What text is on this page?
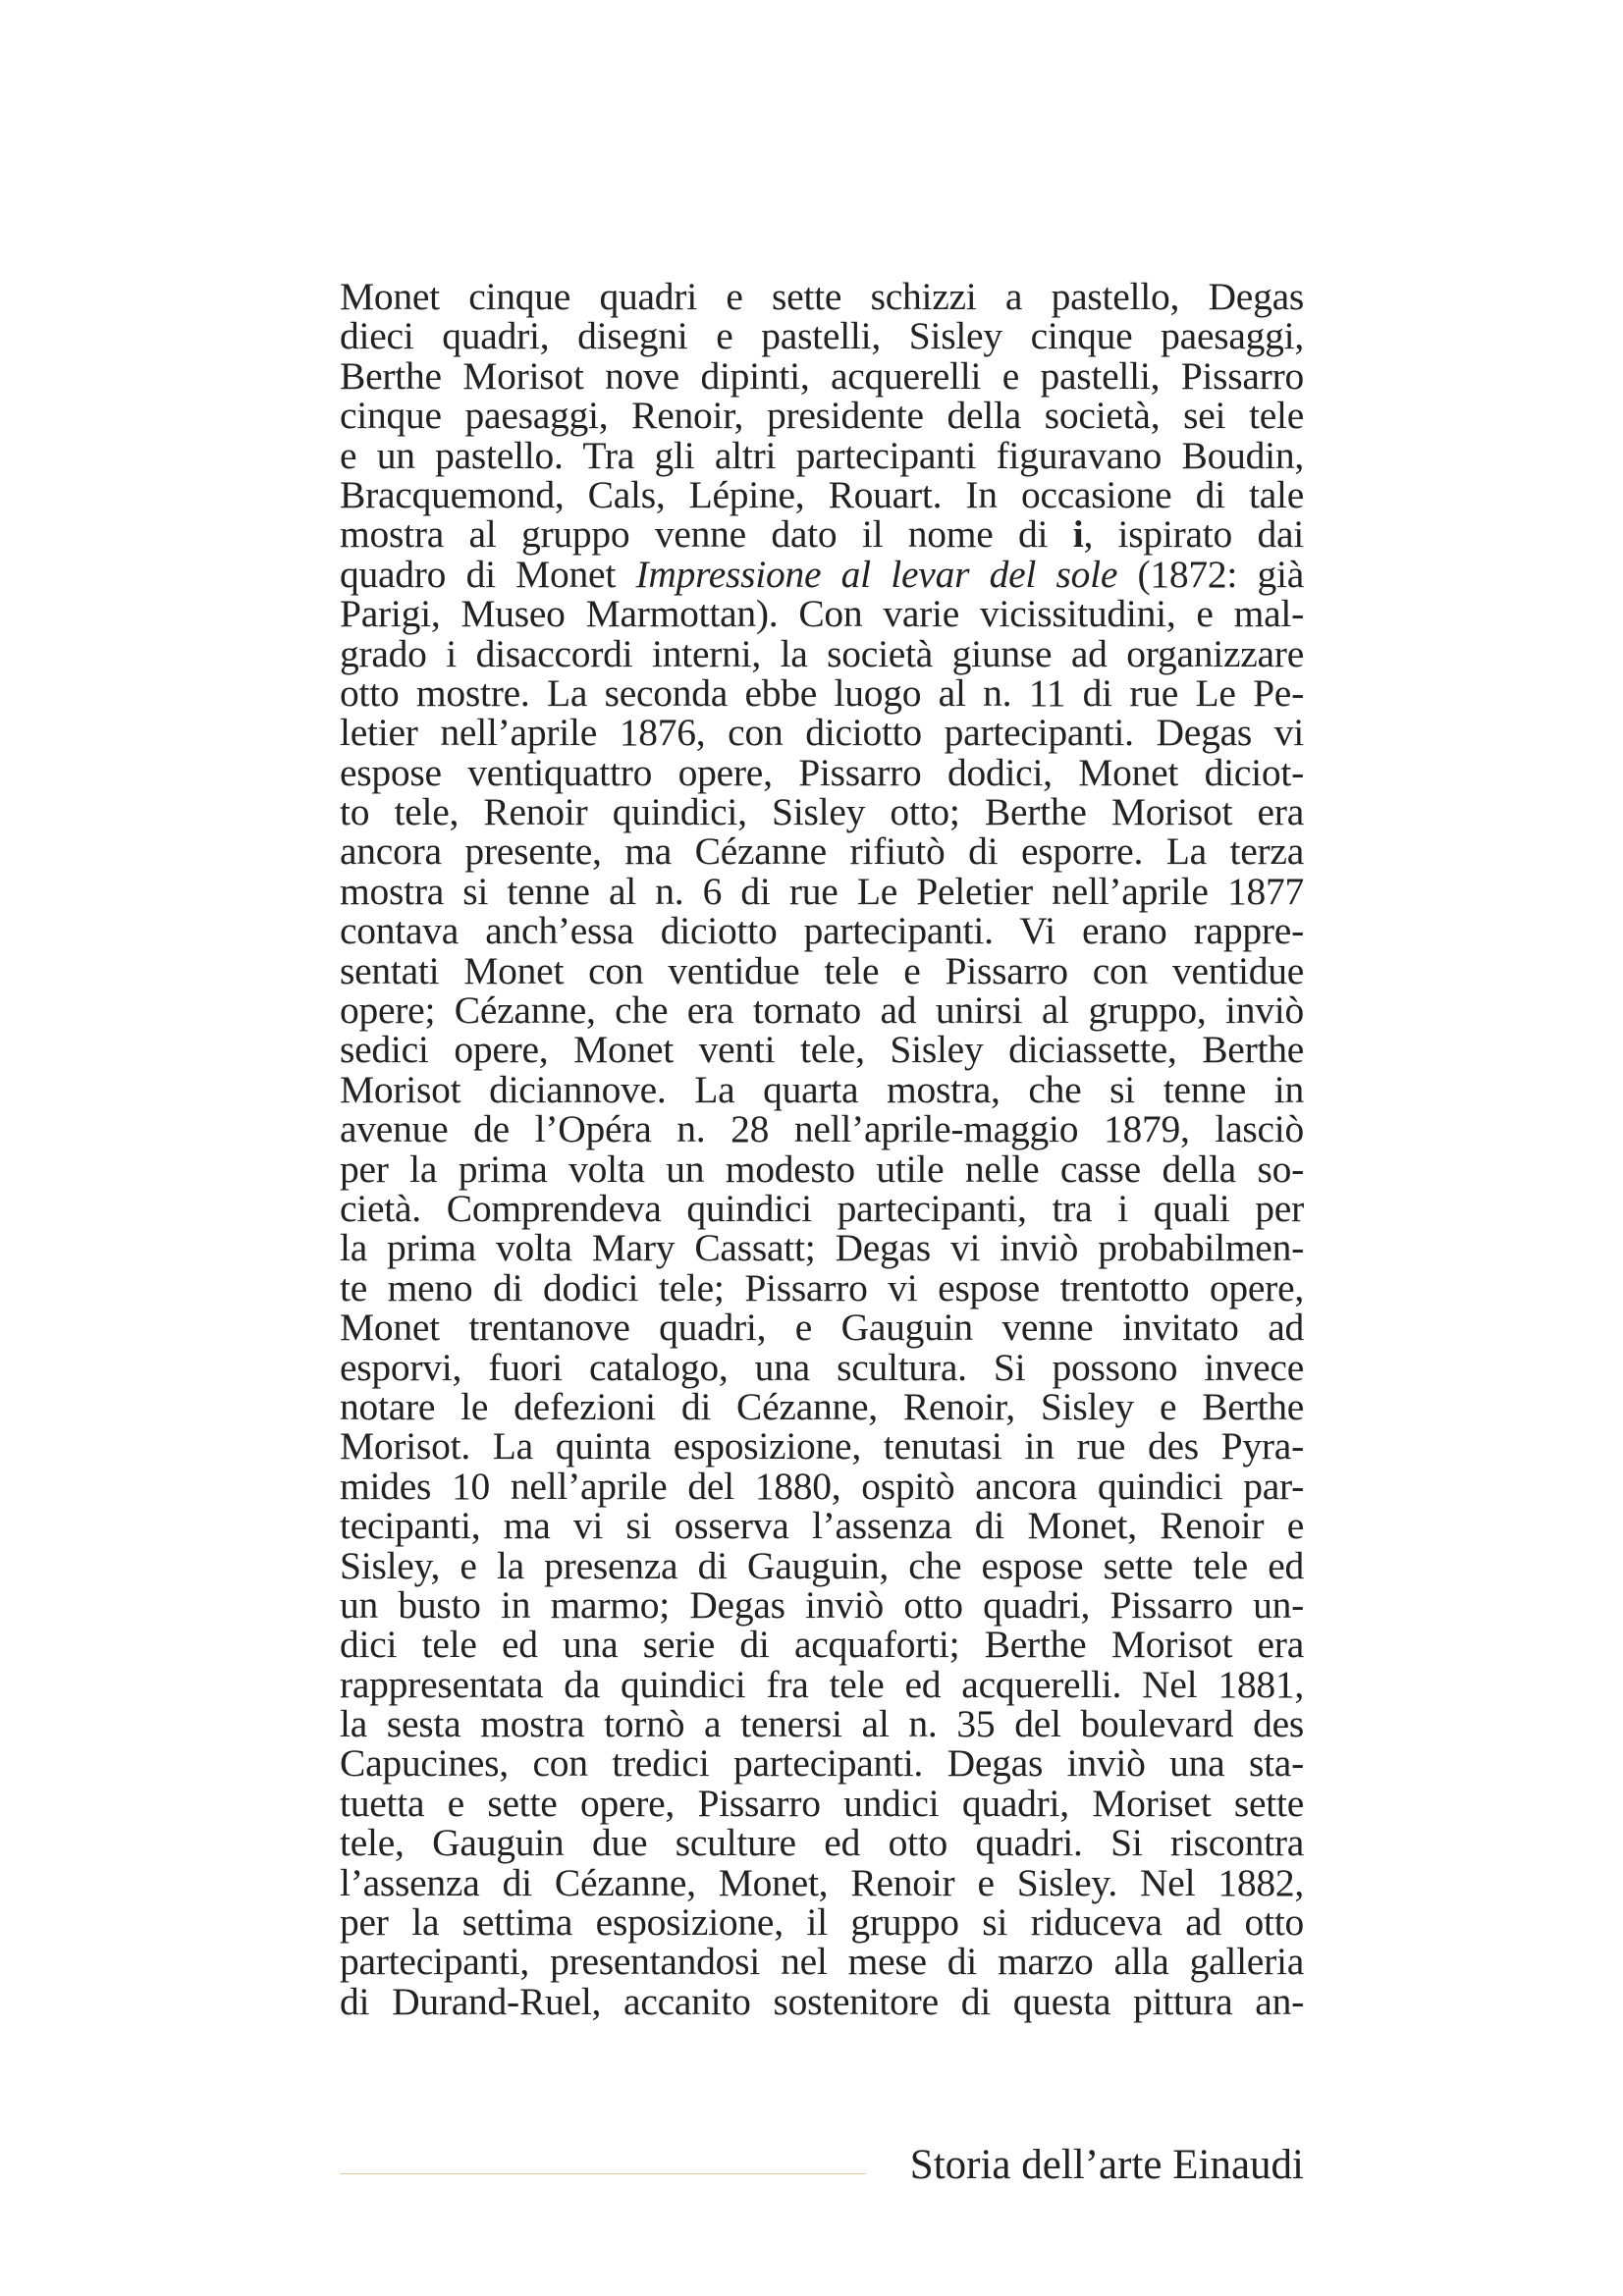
Monet cinque quadri e sette schizzi a pastello, Degas
dieci quadri, disegni e pastelli, Sisley cinque paesaggi,
Berthe Morisot nove dipinti, acquerelli e pastelli, Pissarro
cinque paesaggi, Renoir, presidente della società, sei tele
e un pastello. Tra gli altri partecipanti figuravano Boudin,
Bracquemond, Cals, Lépine, Rouart. In occasione di tale
mostra al gruppo venne dato il nome di i, ispirato dai
quadro di Monet Impressione al levar del sole (1872: già
Parigi, Museo Marmottan). Con varie vicissitudini, e mal-
grado i disaccordi interni, la società giunse ad organizzare
otto mostre. La seconda ebbe luogo al n. 11 di rue Le Pe-
letier nell’aprile 1876, con diciotto partecipanti. Degas vi
espose ventiquattro opere, Pissarro dodici, Monet diciot-
to tele, Renoir quindici, Sisley otto; Berthe Morisot era
ancora presente, ma Cézanne rifiutò di esporre. La terza
mostra si tenne al n. 6 di rue Le Peletier nell’aprile 1877
contava anch’essa diciotto partecipanti. Vi erano rappre-
sentati Monet con ventidue tele e Pissarro con ventidue
opere; Cézanne, che era tornato ad unirsi al gruppo, inviò
sedici opere, Monet venti tele, Sisley diciassette, Berthe
Morisot diciannove. La quarta mostra, che si tenne in
avenue de l’Opéra n. 28 nell’aprile-maggio 1879, lasciò
per la prima volta un modesto utile nelle casse della so-
cietà. Comprendeva quindici partecipanti, tra i quali per
la prima volta Mary Cassatt; Degas vi inviò probabilmen-
te meno di dodici tele; Pissarro vi espose trentotto opere,
Monet trentanove quadri, e Gauguin venne invitato ad
esporvi, fuori catalogo, una scultura. Si possono invece
notare le defezioni di Cézanne, Renoir, Sisley e Berthe
Morisot. La quinta esposizione, tenutasi in rue des Pyra-
mides 10 nell’aprile del 1880, ospitò ancora quindici par-
tecipanti, ma vi si osserva l’assenza di Monet, Renoir e
Sisley, e la presenza di Gauguin, che espose sette tele ed
un busto in marmo; Degas inviò otto quadri, Pissarro un-
dici tele ed una serie di acquaforti; Berthe Morisot era
rappresentata da quindici fra tele ed acquerelli. Nel 1881,
la sesta mostra tornò a tenersi al n. 35 del boulevard des
Capucines, con tredici partecipanti. Degas inviò una sta-
tuetta e sette opere, Pissarro undici quadri, Moriset sette
tele, Gauguin due sculture ed otto quadri. Si riscontra
l’assenza di Cézanne, Monet, Renoir e Sisley. Nel 1882,
per la settima esposizione, il gruppo si riduceva ad otto
partecipanti, presentandosi nel mese di marzo alla galleria
di Durand-Ruel, accanito sostenitore di questa pittura an-
Storia dell’arte Einaudi
